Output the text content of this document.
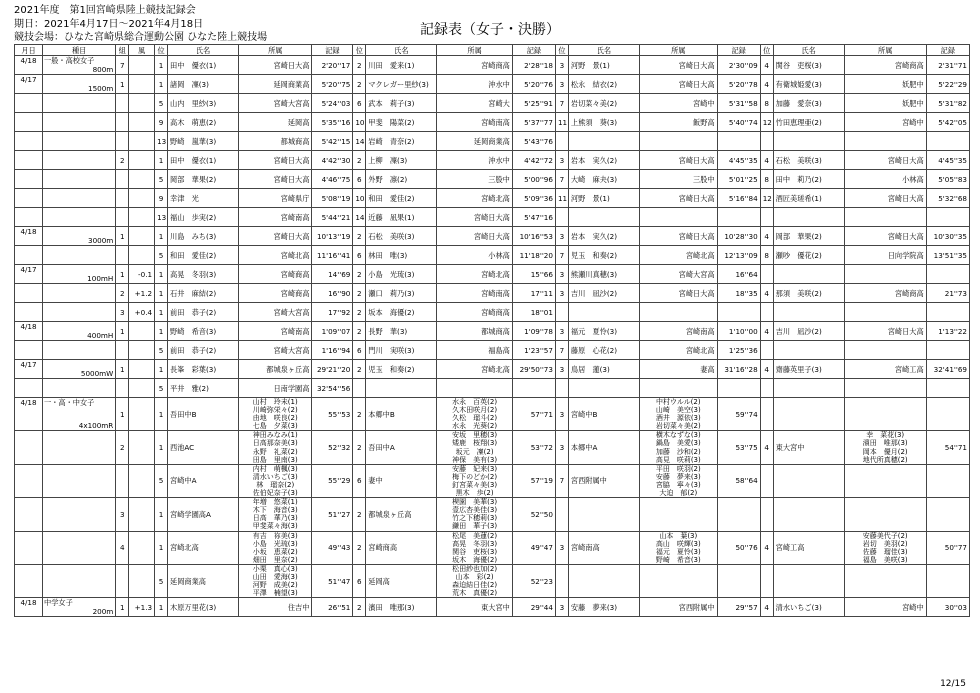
2021年度　第1回宮崎県陸上競技記録会
期日：2021年4月17日～2021年4月18日
競技会場：ひなた宮崎県総合運動公園 ひなた陸上競技場	記録表（女子・決勝）
月日	種目	組	風	位	氏名	所属	記録	位	氏名	所属	記録	位	氏名	所属	記録	位	氏名	所属	記録
4/18	一般・高校女子
800m	7		1	田中　優衣(1)	宮崎日大高	2'20''17	2	川田　愛来(1)	宮崎商高	2'28''18	3	河野　景(1)	宮崎日大高	2'30''09	4	関谷　吏桜(3)	宮崎商高	2'31''71
4/17	1500m	1		1	諸岡　凜(3)	延岡商業高	5'20''75	2	マクレガー里紗(3)	沖水中	5'20''76	3	松永　結衣(2)	宮崎日大高	5'20''78	4	有衛城姫愛(3)	妖肥中	5'22''29

			5	山内　里紗(3)	宮崎大宮高	5'24''03	6	武本　莉子(3)	宮崎大	5'25''91	7	岩切菜々美(2)	宮崎中	5'31''58	8	加藤　愛奈(3)	妖肥中	5'31''82

			9	高木　萌恵(2)	延岡高	5'35''16	10	甲斐　陽菜(2)	宮崎南高	5'37''77	11	上熊須　葵(3)	飯野高	5'40''74	12	竹田恵理亜(2)	宮崎中	5'42''05

			13	野崎　嵐華(3)	都城商高	5'42''15	14	岩崎　青奈(2)	延岡商業高	5'43''76								

	2		1	田中　優衣(1)	宮崎日大高	4'42''30	2	上柳　凜(3)	沖水中	4'42''72	3	岩本　実久(2)	宮崎日大高	4'45''35	4	石松　美咲(3)	宮崎日大高	4'45''35

			5	岡部　華果(2)	宮崎日大高	4'46''75	6	外野　凛(2)	三股中	5'00''96	7	大崎　麻夬(3)	三股中	5'01''25	8	田中　莉乃(2)	小林高	5'05''83

			9	幸津　光	宮崎県庁	5'08''19	10	和田　愛佳(2)	宮崎北高	5'09''36	11	河野　景(1)	宮崎日大高	5'16''84	12	酒匠美瑳希(1)	宮崎日大高	5'32''68

			13	福山　歩実(2)	宮崎南高	5'44''21	14	近藤　凪果(1)	宮崎日大高	5'47''16								
4/18	3000m	1		1	川島　みち(3)	宮崎日大高	10'13''19	2	石松　美咲(3)	宮崎日大高	10'16''53	3	岩本　実久(2)	宮崎日大高	10'28''30	4	岡部　華果(2)	宮崎日大高	10'30''35

			5	和田　愛佳(2)	宮崎北高	11'16''41	6	林田　唯(3)	小林高	11'18''20	7	児玉　和奏(2)	宮崎北高	12'13''09	8	瀬吵　優花(2)	日向学院高	13'51''35
4/17	100mH	1	-0.1	1	高晃　冬羽(3)	宮崎商高	14''69	2	小島　光琉(3)	宮崎北高	15''66	3	熊瀬川真穂(3)	宮崎大宮高	16''64				

	2	+1.2	1	石井　麻結(2)	宮崎商高	16''90	2	瀬口　莉乃(3)	宮崎南高	17''11	3	吉川　凪沙(2)	宮崎日大高	18''35	4	那須　美咲(2)	宮崎商高	21''73

	3	+0.4	1	前田　恭子(2)	宮崎大宮高	17''92	2	坂本　海優(2)	宮崎商高	18''01								
4/18	400mH	1		1	野崎　希音(3)	宮崎南高	1'09''07	2	長野　華(3)	都城商高	1'09''78	3	福元　夏怜(3)	宮崎南高	1'10''00	4	吉川　凪沙(2)	宮崎日大高	1'13''22

			5	前田　恭子(2)	宮崎大宮高	1'16''94	6	門川　実咲(3)	福島高	1'23''57	7	藤原　心花(2)	宮崎北高	1'25''36				
4/17	5000mW	1		1	長峯　彩葉(3)	都城泉ヶ丘高	29'21''20	2	児玉　和奏(2)	宮崎北高	29'50''73	3	鳥居　蓮(3)	妻高	31'16''28	4	齋藤英里子(3)	宮崎工高	32'41''69

			5	平井　雅(2)	日南学園高	32'54''56												
4/18	一・高・中女子
4x100mR	1		1	吾田中B	山村　玲未(1)
川崎弥栄々(2)
由地　咲良(2)
七島　夕菜(3)	55''53	2	本郷中B	水永　百英(2)
久木田咲月(2)
久松　瑠斗(2)
水永　光葵(2)	57''71	3	宮崎中B	中村ウルル(2)
山崎　美空(3)
酒井　源依(3)
岩切菜々美(2)	59''74				
		2		1	西池AC	神田みなみ(1)
日高那奈美(3)
永野　礼菜(2)
田島　里南(3)	52''32	2	吾田中A	安坂　里穂(3)
矮鹿　桜翔(3)
坂元　凜(2)
神保　美有(3)	53''72	3	本郷中A	横木なずな(3)
鍋島　美愛(3)
加藤　沙和(2)
高見　咲莉(3)	53''75	4	東大宮中	幸　菜花(3)
濱田　唯那(3)
岡本　優月(2)
地代所真穂(2)	54''71
				5	宮崎中A	内村　萌楓(3)
清水いちご(3)
林　瑠奈(2)
佐伯妃奈子(3)	55''29	6	妻中	安藤　妃来(3)
梅下のどか(2)
釘宮菜々美(3)
黒木　歩(2)	57''19	7	宮西附属中	平田　咲羽(2)
安藤　夢来(3)
宮脇　寧々(3)
大迫　郁(2)	58''64				
		3		1	宮崎学園高A	年増　悠菜(1)
木下　海音(3)
日高　華乃(3)
甲斐菜々海(3)	51''27	2	都城泉ヶ丘高	楔園　美華(3)
壹広杏美佳(3)
竹之下穂莉(3)
鎌田　華子(3)	52''50								
		4		1	宮崎北高	有吉　祢美(3)
小島　光琉(3)
小坂　恵菜(2)
畑田　里奈(2)	49''43	2	宮崎商高	松尾　美蓮(2)
高晃　冬羽(3)
関谷　吏桜(3)
坂木　海優(2)	49''47	3	宮崎南高	山本　葉(3)
高山　咲輝(3)
福元　夏怜(3)
野崎　希音(3)	50''76	4	宮崎工高	安藤美代子(2)
岩切　美羽(2)
佐藤　瑠佳(3)
福島　美咲(3)	50''77
				5	延岡商業高	小栗　真心(3)
山田　愛海(3)
河野　成美(2)
平澤　楠望(3)	51''47	6	延岡高	松田紗也加(2)
山本　彩(2)
森迫結日佳(2)
荒木　真優(2)	52''23								
4/18	中学女子
200m	1	+1.3	1	木原万里花(3)	住吉中	26''51	2	濱田　唯那(3)	東大宮中	29''44	3	安藤　夢来(3)	宮西附属中	29''57	4	清水いちご(3)	宮崎中	30''03
12/15
